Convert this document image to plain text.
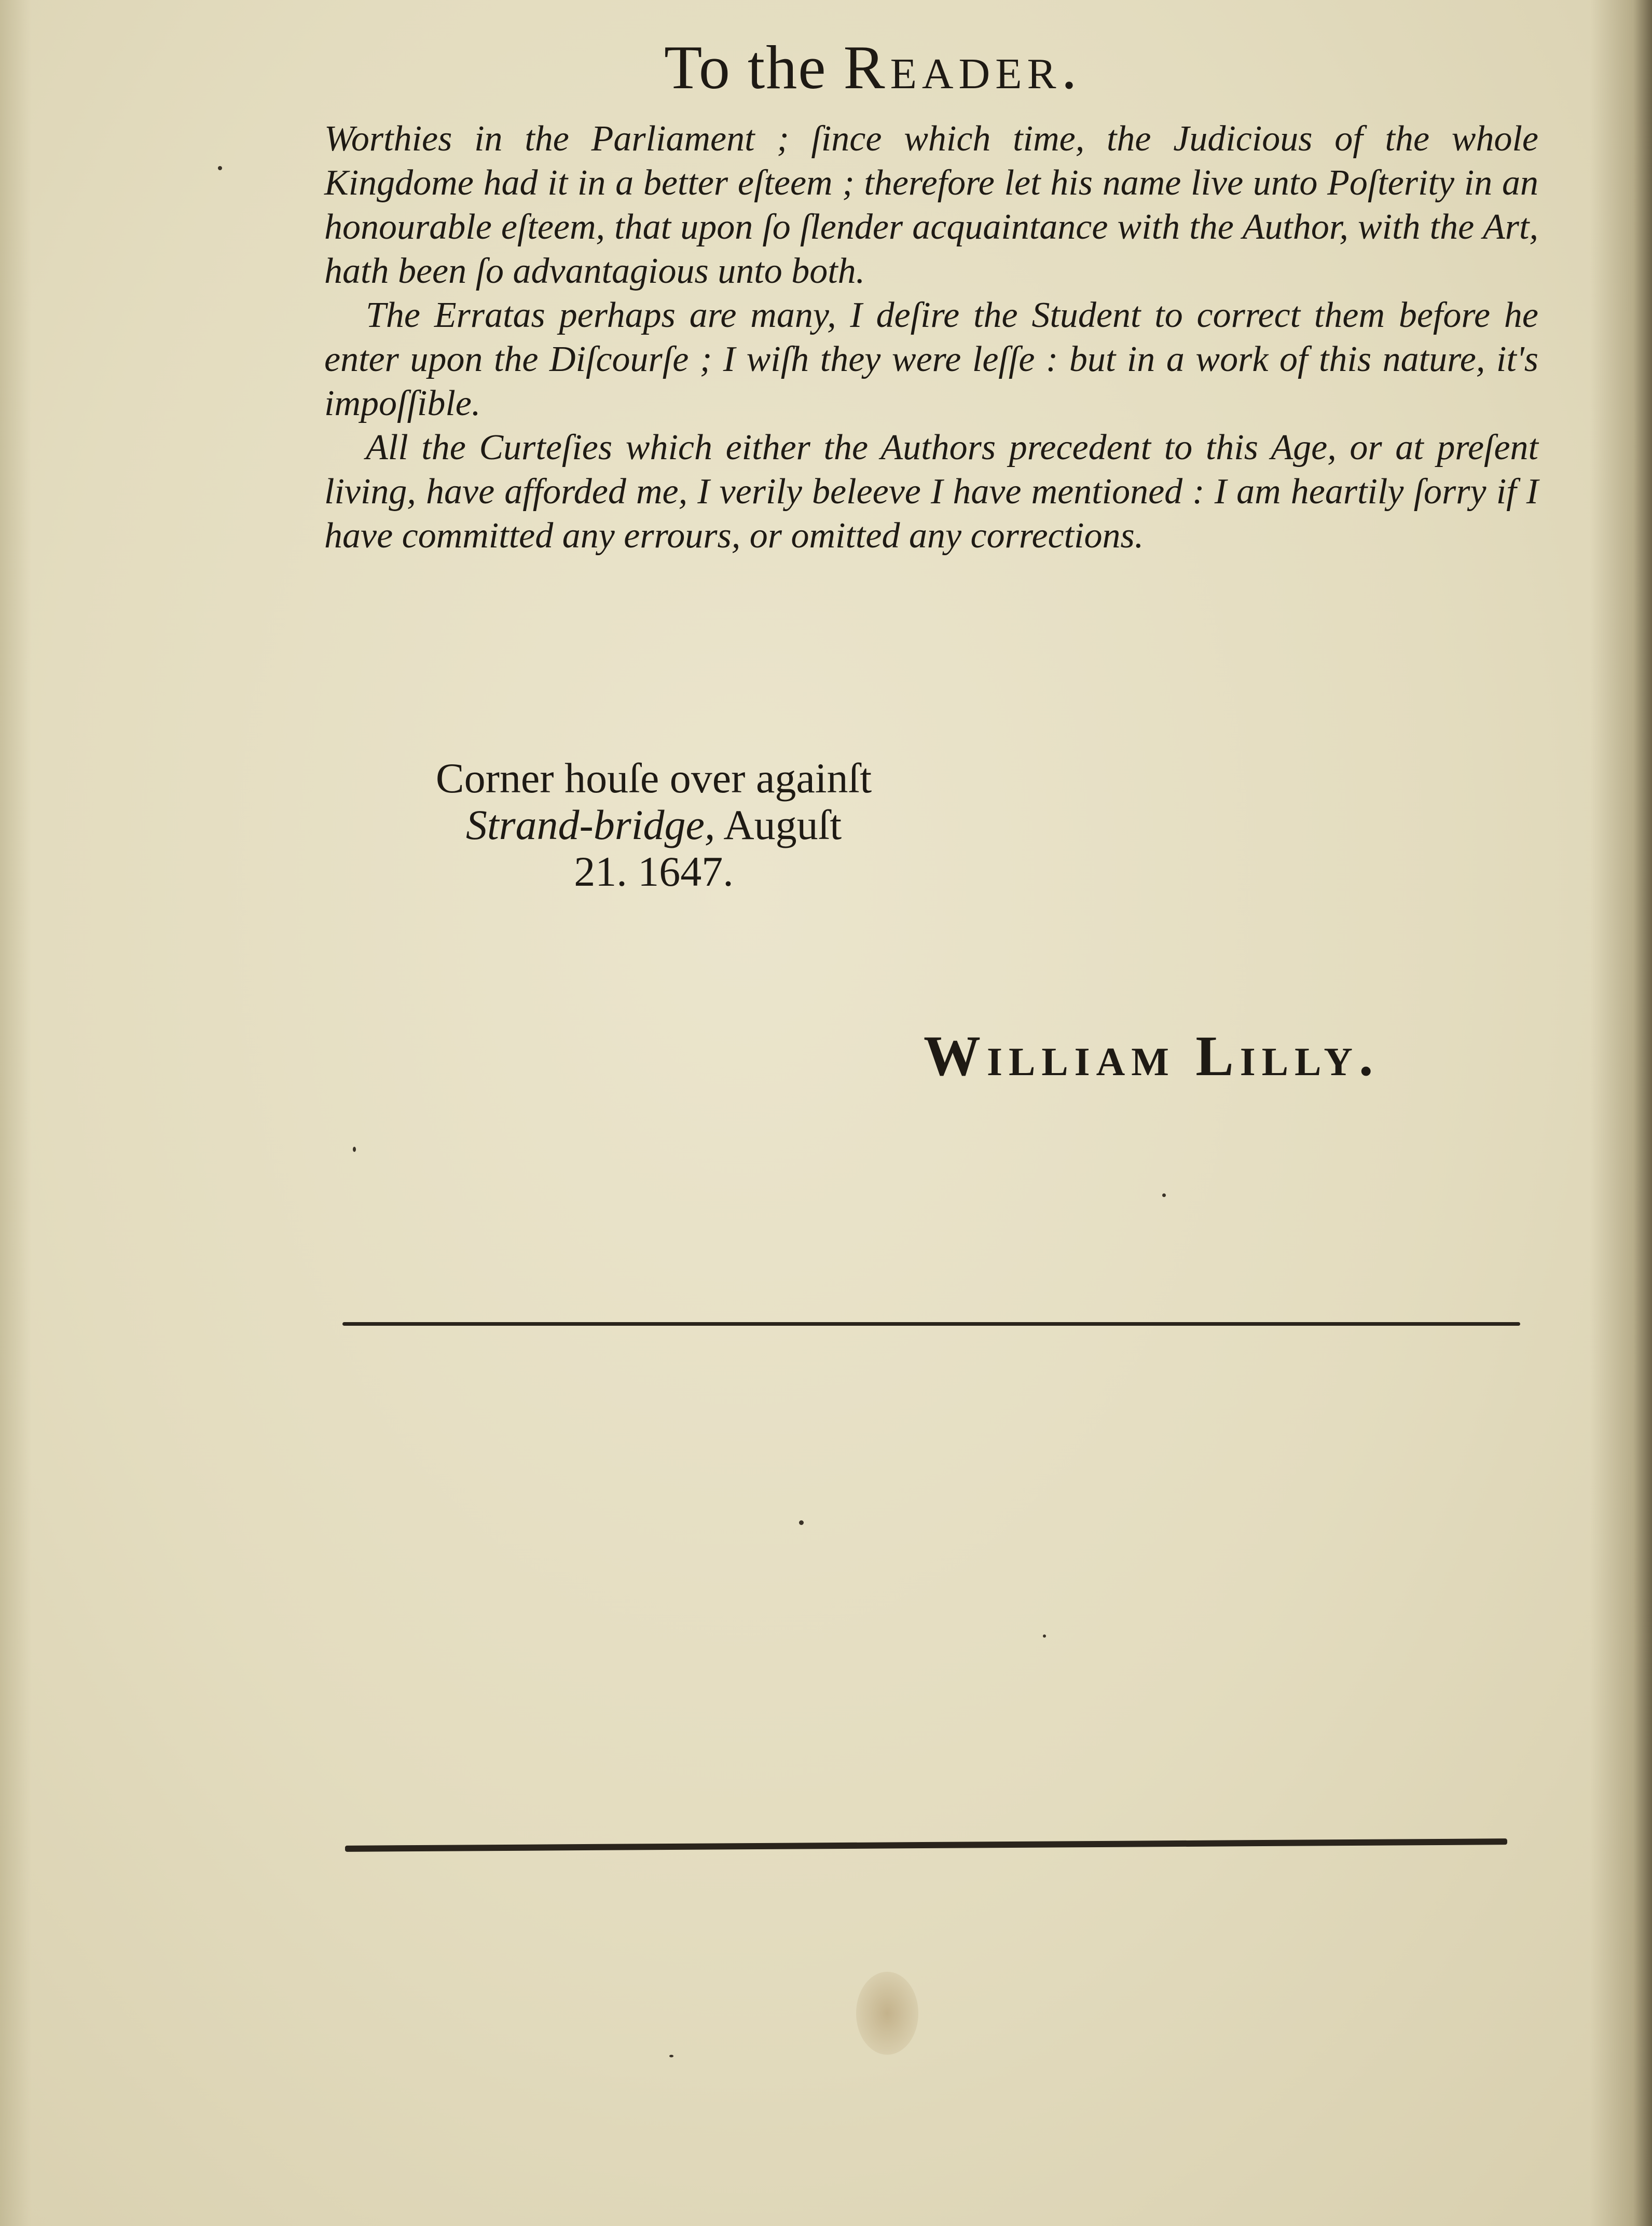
To the Reader.

Worthies in the Parliament ; ſince which time, the Judicious of the whole Kingdome had it in a better eſteem ; therefore let his name live unto Poſterity in an honourable eſteem, that upon ſo ſlender acquaintance with the Author, with the Art, hath been ſo advantagious unto both.

The Erratas perhaps are many, I deſire the Student to correct them before he enter upon the Diſcourſe ; I wiſh they were leſſe : but in a work of this nature, it's impoſſible.

All the Curteſies which either the Authors precedent to this Age, or at preſent living, have afforded me, I verily beleeve I have mentioned : I am heartily ſorry if I have committed any errours, or omitted any corrections.

Corner houſe over againſt
Strand-bridge, Auguſt
21. 1647.
William Lilly.
